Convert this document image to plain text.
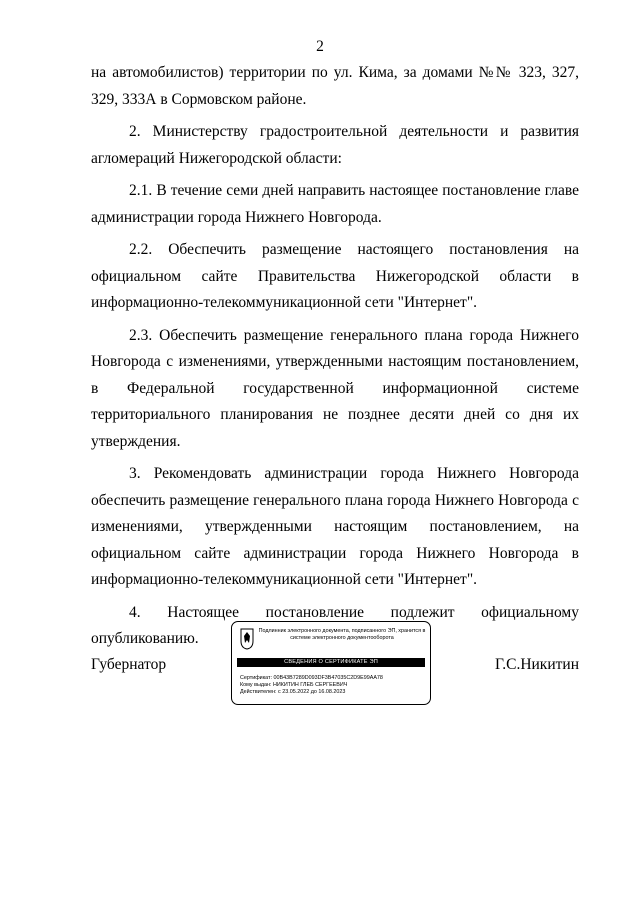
2

на автомобилистов) территории по ул. Кима, за домами №№ 323, 327, 329, 333А в Сормовском районе.

2. Министерству градостроительной деятельности и развития агломераций Нижегородской области:

2.1. В течение семи дней направить настоящее постановление главе администрации города Нижнего Новгорода.

2.2. Обеспечить размещение настоящего постановления на официальном сайте Правительства Нижегородской области в информационно-телекоммуникационной сети "Интернет".

2.3. Обеспечить размещение генерального плана города Нижнего Новгорода с изменениями, утвержденными настоящим постановлением, в Федеральной государственной информационной системе территориального планирования не позднее десяти дней со дня их утверждения.

3. Рекомендовать администрации города Нижнего Новгорода обеспечить размещение генерального плана города Нижнего Новгорода с изменениями, утвержденными настоящим постановлением, на официальном сайте администрации города Нижнего Новгорода в информационно-телекоммуникационной сети "Интернет".

4. Настоящее постановление подлежит официальному опубликованию.

Губернатор	Г.С.Никитин
Подлинник электронного документа, подписанного ЭП, хранится в системе электронного документооборота
СВЕДЕНИЯ О СЕРТИФИКАТЕ ЭП
Сертификат: 00B43B7289D093DF3B47035C2D9E99AA78
Кому выдан: НИКИТИН ГЛЕБ СЕРГЕЕВИЧ
Действителен: с 23.05.2022 до 16.08.2023
